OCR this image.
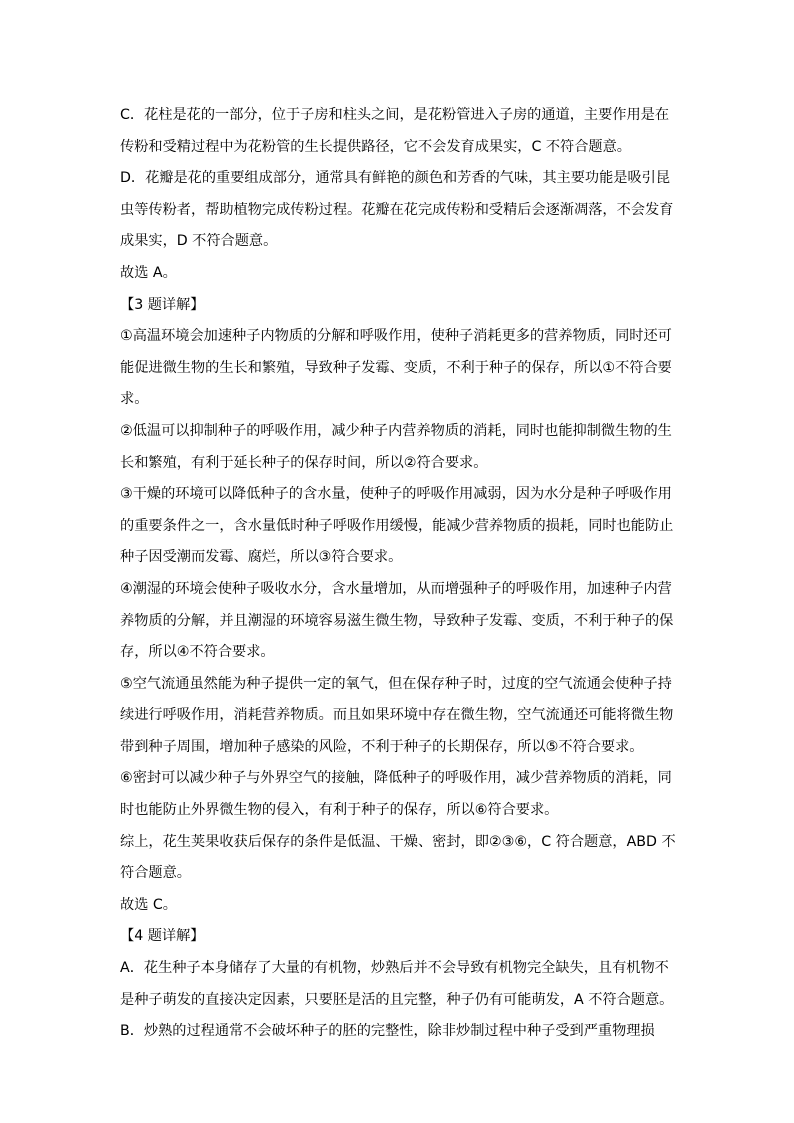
C．花柱是花的一部分，位于子房和柱头之间，是花粉管进入子房的通道，主要作用是在
传粉和受精过程中为花粉管的生长提供路径，它不会发育成果实，C 不符合题意。
D．花瓣是花的重要组成部分，通常具有鲜艳的颜色和芳香的气味，其主要功能是吸引昆
虫等传粉者，帮助植物完成传粉过程。花瓣在花完成传粉和受精后会逐渐凋落，不会发育
成果实，D 不符合题意。
故选 A。
【3 题详解】
①高温环境会加速种子内物质的分解和呼吸作用，使种子消耗更多的营养物质，同时还可
能促进微生物的生长和繁殖，导致种子发霉、变质，不利于种子的保存，所以①不符合要
求。
②低温可以抑制种子的呼吸作用，减少种子内营养物质的消耗，同时也能抑制微生物的生
长和繁殖，有利于延长种子的保存时间，所以②符合要求。
③干燥的环境可以降低种子的含水量，使种子的呼吸作用减弱，因为水分是种子呼吸作用
的重要条件之一，含水量低时种子呼吸作用缓慢，能减少营养物质的损耗，同时也能防止
种子因受潮而发霉、腐烂，所以③符合要求。
④潮湿的环境会使种子吸收水分，含水量增加，从而增强种子的呼吸作用，加速种子内营
养物质的分解，并且潮湿的环境容易滋生微生物，导致种子发霉、变质，不利于种子的保
存，所以④不符合要求。
⑤空气流通虽然能为种子提供一定的氧气，但在保存种子时，过度的空气流通会使种子持
续进行呼吸作用，消耗营养物质。而且如果环境中存在微生物，空气流通还可能将微生物
带到种子周围，增加种子感染的风险，不利于种子的长期保存，所以⑤不符合要求。
⑥密封可以减少种子与外界空气的接触，降低种子的呼吸作用，减少营养物质的消耗，同
时也能防止外界微生物的侵入，有利于种子的保存，所以⑥符合要求。
综上，花生荚果收获后保存的条件是低温、干燥、密封，即②③⑥，C 符合题意，ABD 不
符合题意。
故选 C。
【4 题详解】
A．花生种子本身储存了大量的有机物，炒熟后并不会导致有机物完全缺失，且有机物不
是种子萌发的直接决定因素，只要胚是活的且完整，种子仍有可能萌发，A 不符合题意。
B．炒熟的过程通常不会破坏种子的胚的完整性，除非炒制过程中种子受到严重物理损
